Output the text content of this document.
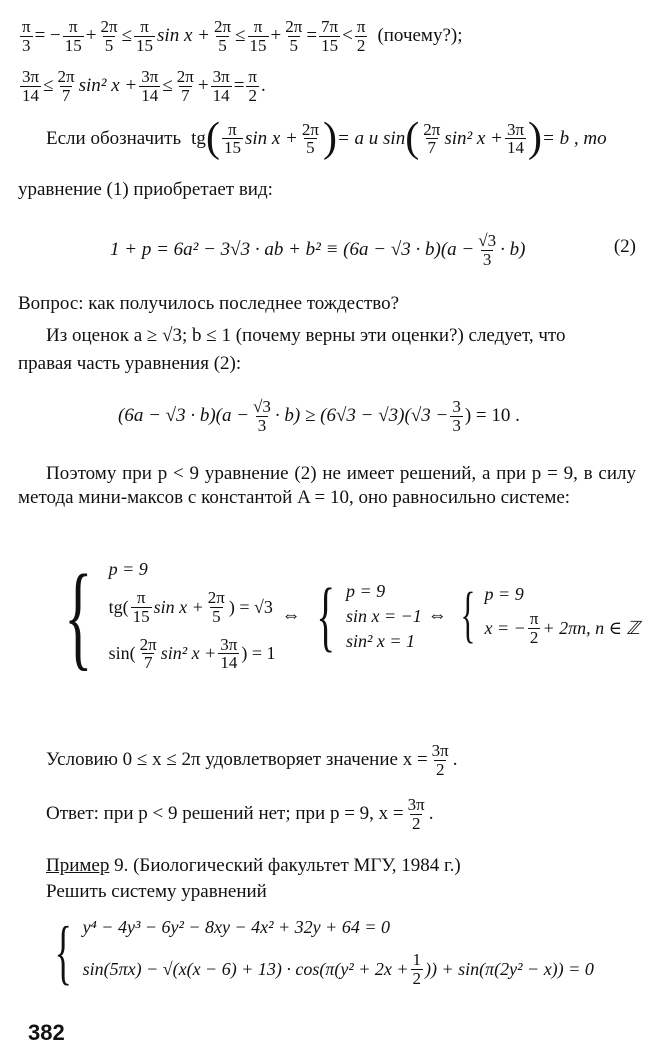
$\frac{\pi}{3}$ = − $\frac{\pi}{15} + \frac{2\pi}{5} \le \frac{\pi}{15}$ $\sin x + \frac{2\pi}{5} \le \frac{\pi}{15} + \frac{2\pi}{5} = \frac{7\pi}{15} < \frac{\pi}{2}$ (почему?);
$\frac{3\pi}{14} \le \frac{2\pi}{7} \sin^2$ $x + \frac{3\pi}{14} \le \frac{2\pi}{7} + \frac{3\pi}{14} = \frac{\pi}{2}$ .
Если обозначить tg ( $\frac{\pi}{15}$ $\sin x + \frac{2\pi}{5}$ ) = a и sin ( $\frac{2\pi}{7} \sin^2$ $x + \frac{3\pi}{14}$ ) = b , то
уравнение (1) приобретает вид:
1 + p = 6a² − 3√3 · ab + $b^2 \equiv (6a - √3 \cdot b)(a - \frac{√3}{3} \cdot b)$	(2)
Вопрос: как получилось последнее тождество?
Из оценок a ≥ √3; b ≤ 1 (почему верны эти оценки?) следует, что
правая часть уравнения (2):
$(6a - √3 \cdot b)(a - \frac{√3}{3} \cdot b) \ge (6√3 - √3)(√3 - \frac{3}{3}$ ) = 10 .
Поэтому при p < 9 уравнение (2) не имеет решений, а при p = 9, в силу метода мини-максов с константой A = 10, оно равносильно системе:
{ p = 9
$tg( \frac{\pi}{15}$ $\sin x + \frac{2\pi}{5}$ ) = √3
$\sin( \frac{2\pi}{7} \sin^2$ $x + \frac{3\pi}{14}$ ) = 1
⇔ { p = 9
sin x = −1
sin² x = 1
⇔ { p = 9
x = − $\frac{\pi}{2} + 2\pi n$, n ∈ ℤ
Условию 0 ≤ x ≤ 2π удовлетворяет значение $x = \frac{3\pi}{2}$ .
Ответ: при p < 9 решений нет; при p = 9, $x = \frac{3\pi}{2}$ .
Пример 9. (Биологический факультет МГУ, 1984 г.)
Решить систему уравнений
{ y⁴ − 4y³ − 6y² − 8xy − 4x² + 32y + 64 = 0
$\sin(5\pi x) - √(x(x - 6) + 13) \cdot \cos(\pi(y^2 + 2x + \frac{1}{2}$ )) + sin(π(2y² − x)) = 0
382
